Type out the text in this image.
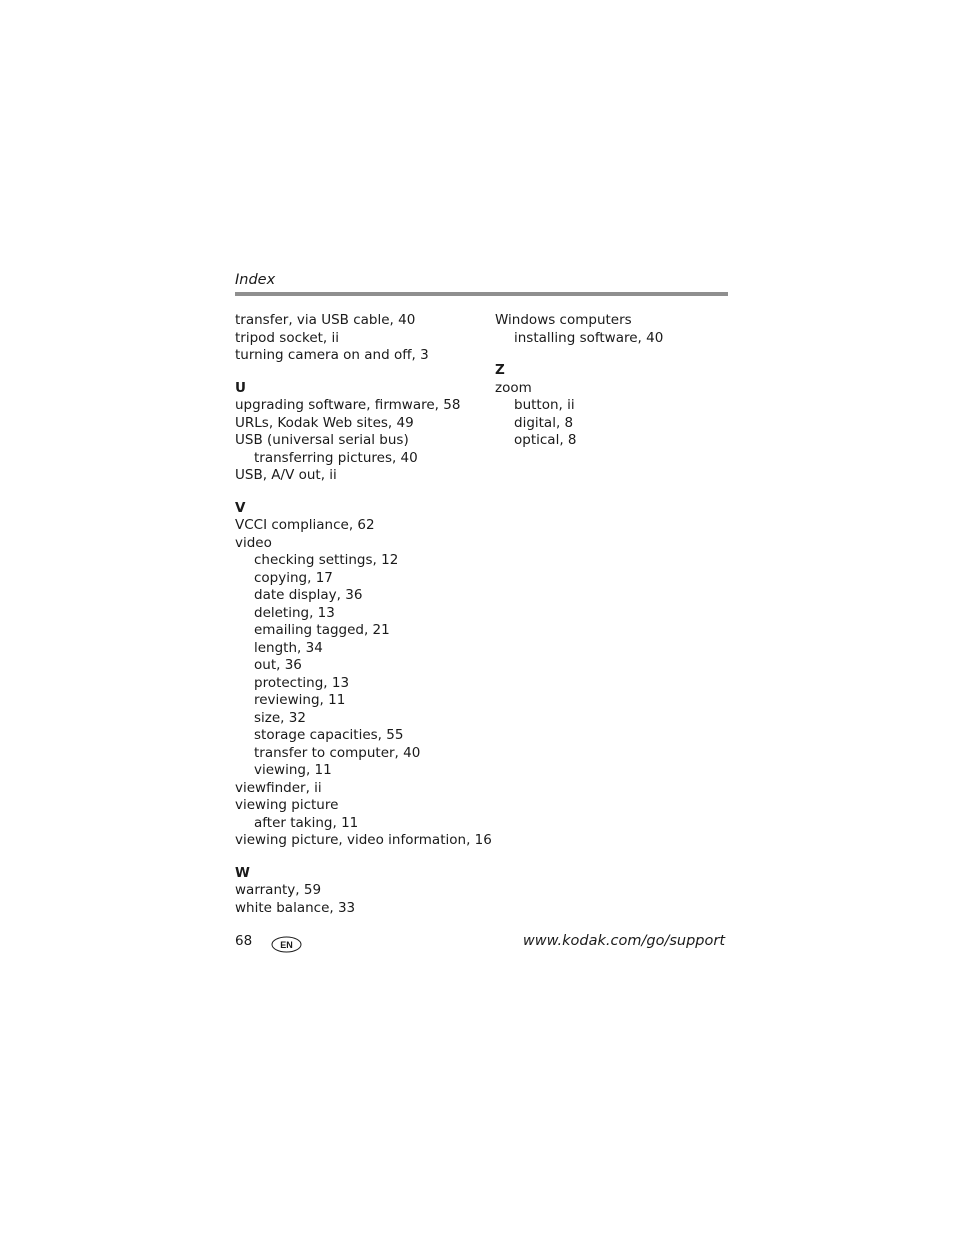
Index
transfer, via USB cable, 40
tripod socket, ii
turning camera on and off, 3
U
upgrading software, firmware, 58
URLs, Kodak Web sites, 49
USB (universal serial bus)
transferring pictures, 40
USB, A/V out, ii
V
VCCI compliance, 62
video
checking settings, 12
copying, 17
date display, 36
deleting, 13
emailing tagged, 21
length, 34
out, 36
protecting, 13
reviewing, 11
size, 32
storage capacities, 55
transfer to computer, 40
viewing, 11
viewfinder, ii
viewing picture
after taking, 11
viewing picture, video information, 16
W
warranty, 59
white balance, 33
Windows computers
installing software, 40
Z
zoom
button, ii
digital, 8
optical, 8
68	EN	www.kodak.com/go/support
